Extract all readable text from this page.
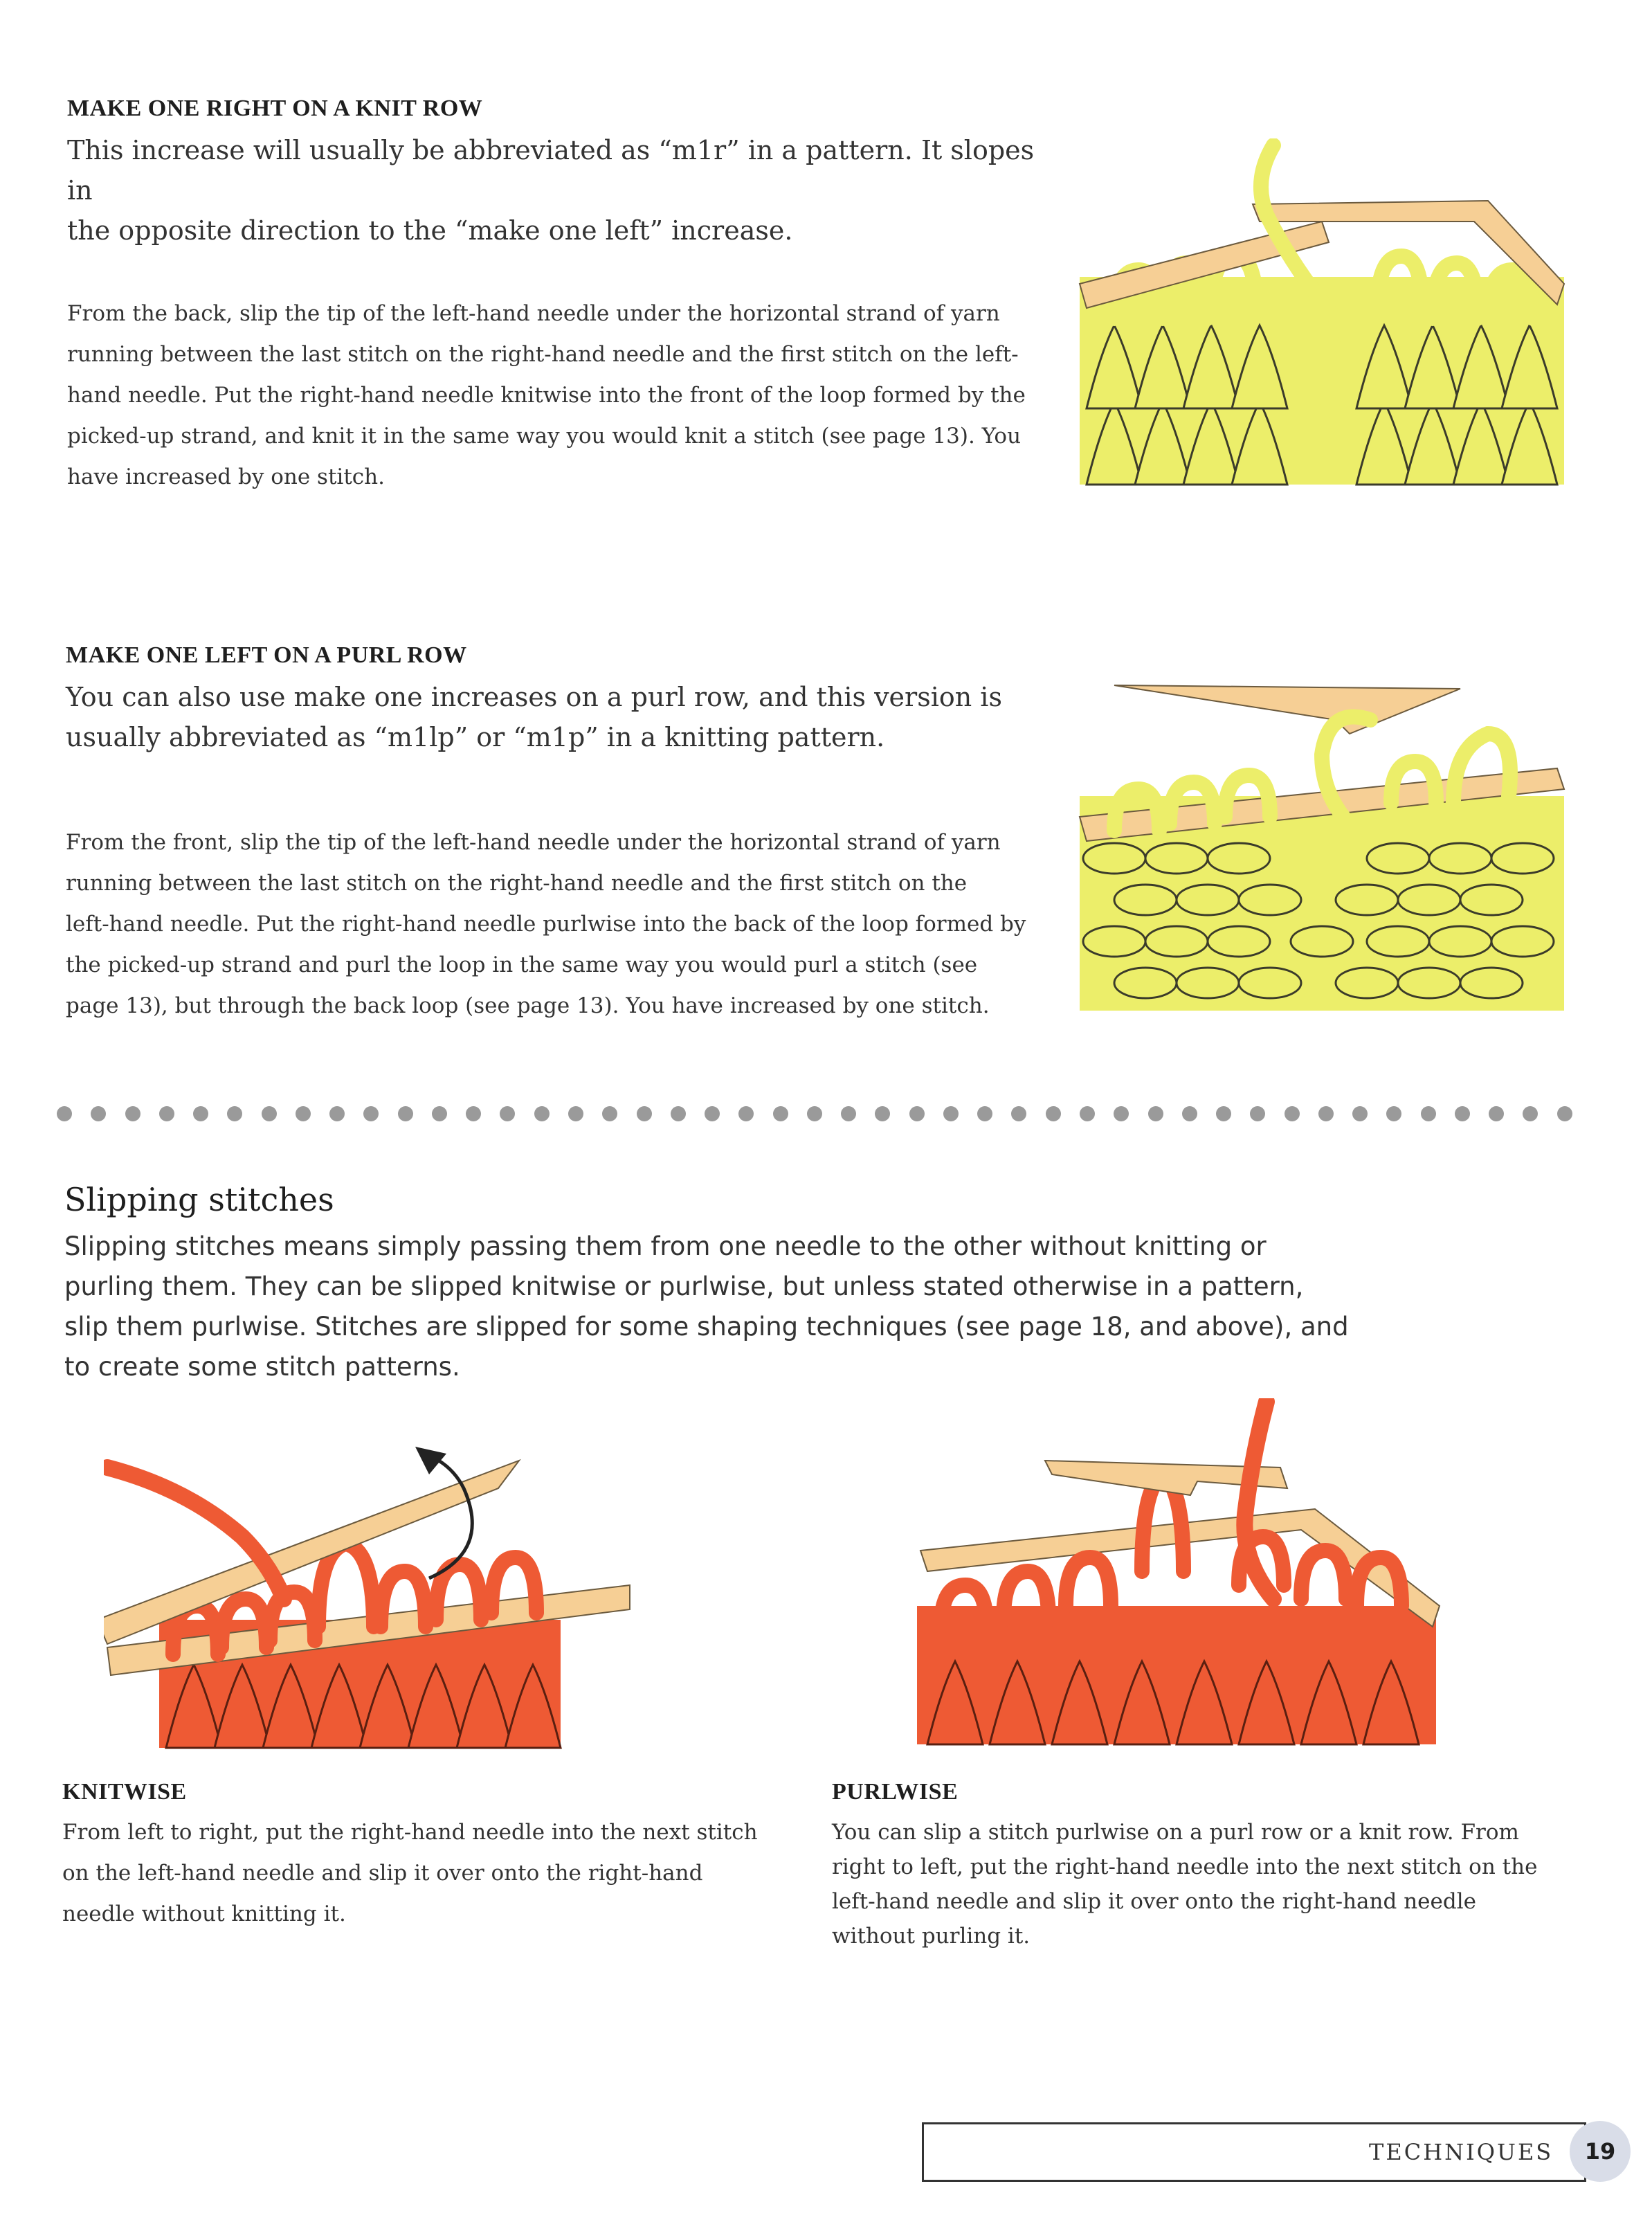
MAKE ONE RIGHT ON A KNIT ROW
This increase will usually be abbreviated as “m1r” in a pattern. It slopes in
the opposite direction to the “make one left” increase.
From the back, slip the tip of the left-hand needle under the horizontal strand of yarn
running between the last stitch on the right-hand needle and the first stitch on the left-
hand needle. Put the right-hand needle knitwise into the front of the loop formed by the
picked-up strand, and knit it in the same way you would knit a stitch (see page 13). You
have increased by one stitch.
MAKE ONE LEFT ON A PURL ROW
You can also use make one increases on a purl row, and this version is
usually abbreviated as “m1lp” or “m1p” in a knitting pattern.
From the front, slip the tip of the left-hand needle under the horizontal strand of yarn
running between the last stitch on the right-hand needle and the first stitch on the
left-hand needle. Put the right-hand needle purlwise into the back of the loop formed by
the picked-up strand and purl the loop in the same way you would purl a stitch (see
page 13), but through the back loop (see page 13). You have increased by one stitch.
Slipping stitches
Slipping stitches means simply passing them from one needle to the other without knitting or
purling them. They can be slipped knitwise or purlwise, but unless stated otherwise in a pattern,
slip them purlwise. Stitches are slipped for some shaping techniques (see page 18, and above), and
to create some stitch patterns.
KNITWISE
From left to right, put the right-hand needle into the next stitch
on the left-hand needle and slip it over onto the right-hand
needle without knitting it.
PURLWISE
You can slip a stitch purlwise on a purl row or a knit row. From
right to left, put the right-hand needle into the next stitch on the
left-hand needle and slip it over onto the right-hand needle
without purling it.
TECHNIQUES	19
